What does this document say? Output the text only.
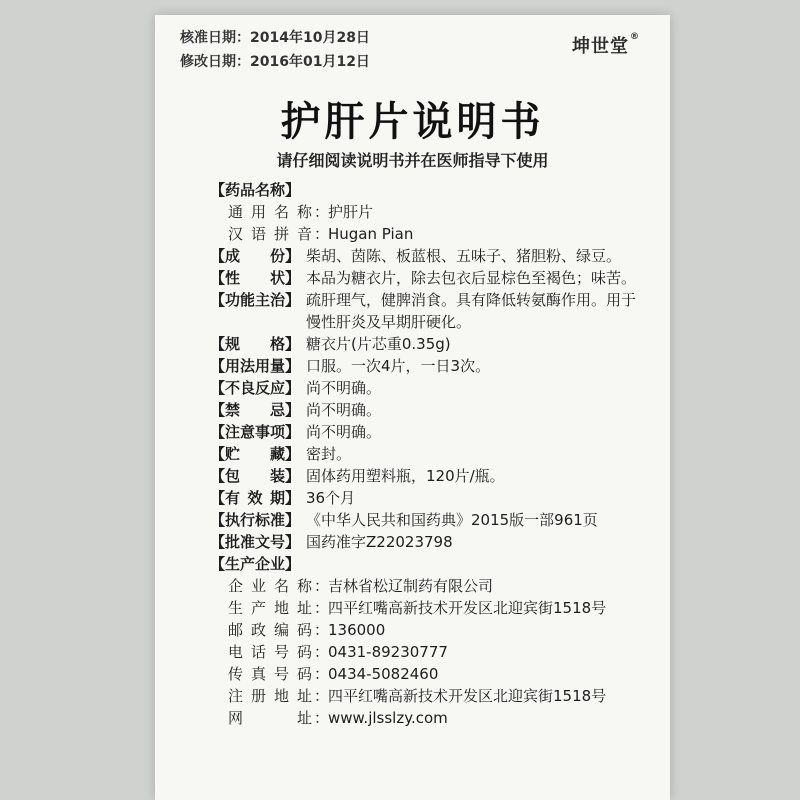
核准日期：2014年10月28日
修改日期：2016年01月12日
坤世堂®
护肝片说明书
请仔细阅读说明书并在医师指导下使用
【 药品名称 】
通用名称 ：
护肝片
汉语拼音 ：
Hugan Pian
【 成 份 】 柴胡、茵陈、板蓝根、五味子、猪胆粉、绿豆。
【 性 状 】 本品为糖衣片，除去包衣后显棕色至褐色；味苦。
【 功能主治 】 疏肝理气，健脾消食。具有降低转氨酶作用。用于慢性肝炎及早期肝硬化。
【 规 格 】 糖衣片(片芯重0.35g)
【 用法用量 】 口服。一次4片，一日3次。
【 不良反应 】 尚不明确。
【 禁 忌 】 尚不明确。
【 注意事项 】 尚不明确。
【 贮 藏 】 密封。
【 包 装 】 固体药用塑料瓶，120片/瓶。
【 有 效 期 】 36个月
【 执行标准 】 《中华人民共和国药典》2015版一部961页
【 批准文号 】 国药准字Z22023798
【 生产企业 】
企业名称 ：
吉林省松辽制药有限公司
生产地址 ：
四平红嘴高新技术开发区北迎宾街1518号
邮政编码 ：
136000
电话号码 ：
0431-89230777
传真号码 ：
0434-5082460
注册地址 ：
四平红嘴高新技术开发区北迎宾街1518号
网 址 ：
www.jlsslzy.com
